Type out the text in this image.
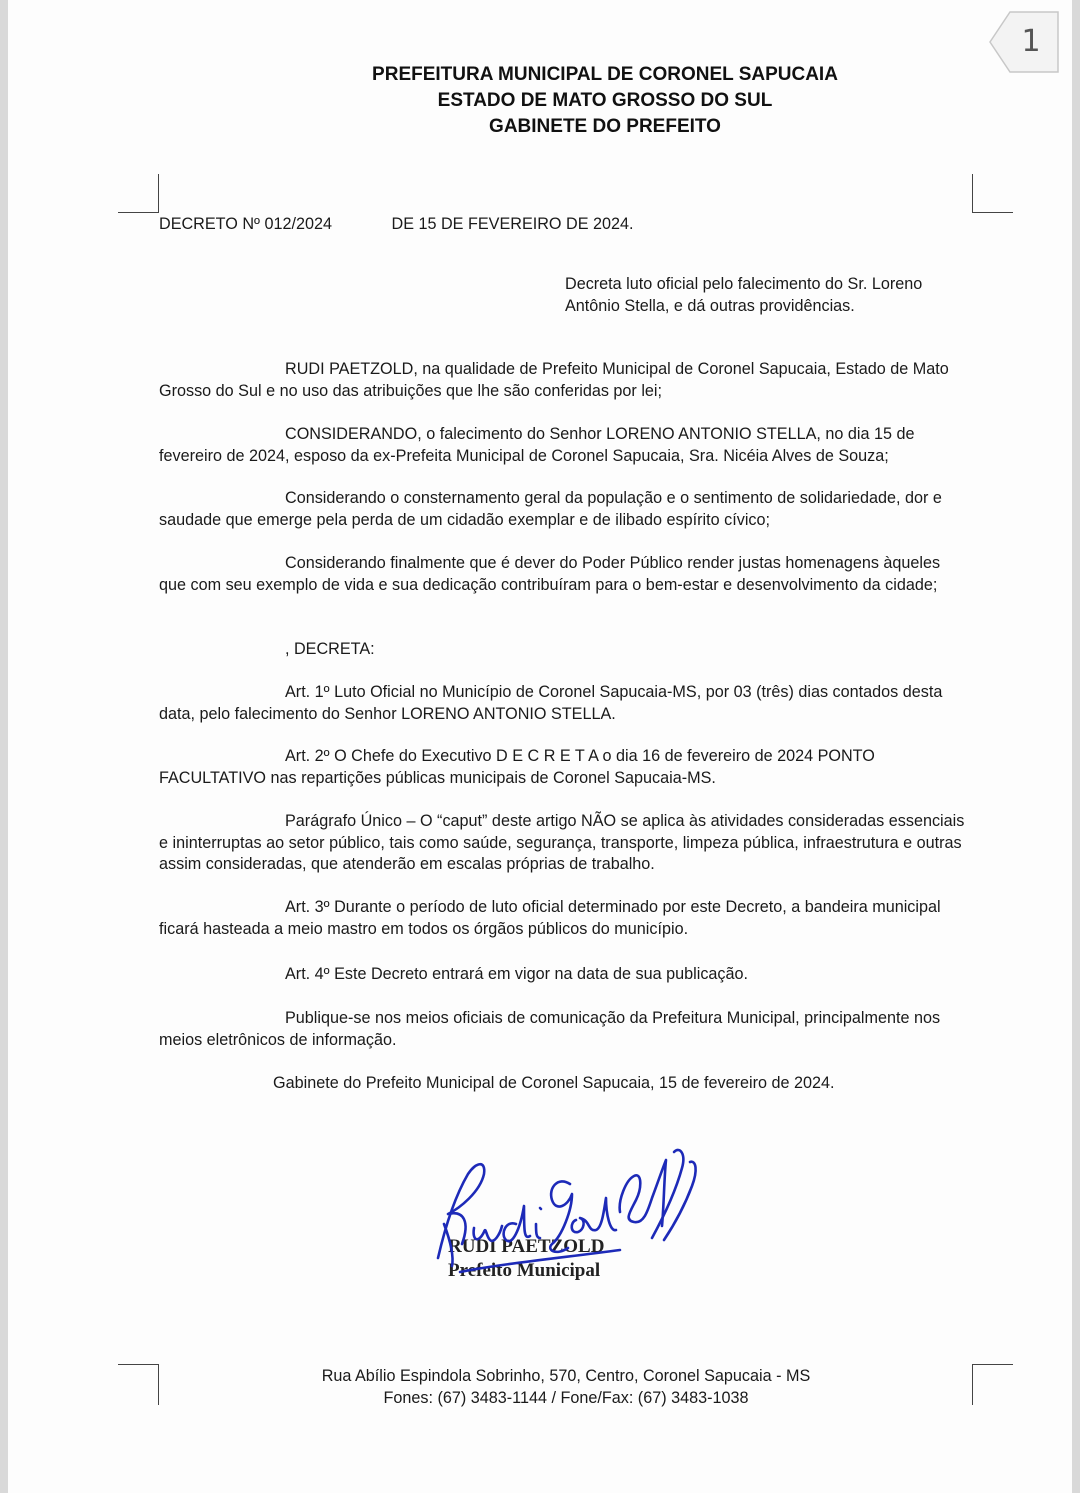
1
PREFEITURA MUNICIPAL DE CORONEL SAPUCAIA
ESTADO DE MATO GROSSO DO SUL
GABINETE DO PREFEITO
DECRETO Nº 012/2024	DE 15 DE FEVEREIRO DE 2024.
Decreta luto oficial pelo falecimento do Sr. Loreno Antônio Stella, e dá outras providências.
RUDI PAETZOLD, na qualidade de Prefeito Municipal de Coronel Sapucaia, Estado de Mato Grosso do Sul e no uso das atribuições que lhe são conferidas por lei;
CONSIDERANDO, o falecimento do Senhor LORENO ANTONIO STELLA, no dia 15 de fevereiro de 2024, esposo da ex-Prefeita Municipal de Coronel Sapucaia, Sra. Nicéia Alves de Souza;
Considerando o consternamento geral da população e o sentimento de solidariedade, dor e saudade que emerge pela perda de um cidadão exemplar e de ilibado espírito cívico;
Considerando finalmente que é dever do Poder Público render justas homenagens àqueles que com seu exemplo de vida e sua dedicação contribuíram para o bem-estar e desenvolvimento da cidade;
, DECRETA:
Art. 1º Luto Oficial no Município de Coronel Sapucaia-MS, por 03 (três) dias contados desta data, pelo falecimento do Senhor LORENO ANTONIO STELLA.
Art. 2º O Chefe do Executivo D E C R E T A o dia 16 de fevereiro de 2024 PONTO FACULTATIVO nas repartições públicas municipais de Coronel Sapucaia-MS.
Parágrafo Único – O “caput” deste artigo NÃO se aplica às atividades consideradas essenciais e ininterruptas ao setor público, tais como saúde, segurança, transporte, limpeza pública, infraestrutura e outras assim consideradas, que atenderão em escalas próprias de trabalho.
Art. 3º Durante o período de luto oficial determinado por este Decreto, a bandeira municipal ficará hasteada a meio mastro em todos os órgãos públicos do município.
Art. 4º Este Decreto entrará em vigor na data de sua publicação.
Publique-se nos meios oficiais de comunicação da Prefeitura Municipal, principalmente nos meios eletrônicos de informação.
Gabinete do Prefeito Municipal de Coronel Sapucaia, 15 de fevereiro de 2024.
RUDI PAETZOLD
Prefeito Municipal
Rua Abílio Espindola Sobrinho, 570, Centro, Coronel Sapucaia - MS
Fones: (67) 3483-1144 / Fone/Fax: (67) 3483-1038
